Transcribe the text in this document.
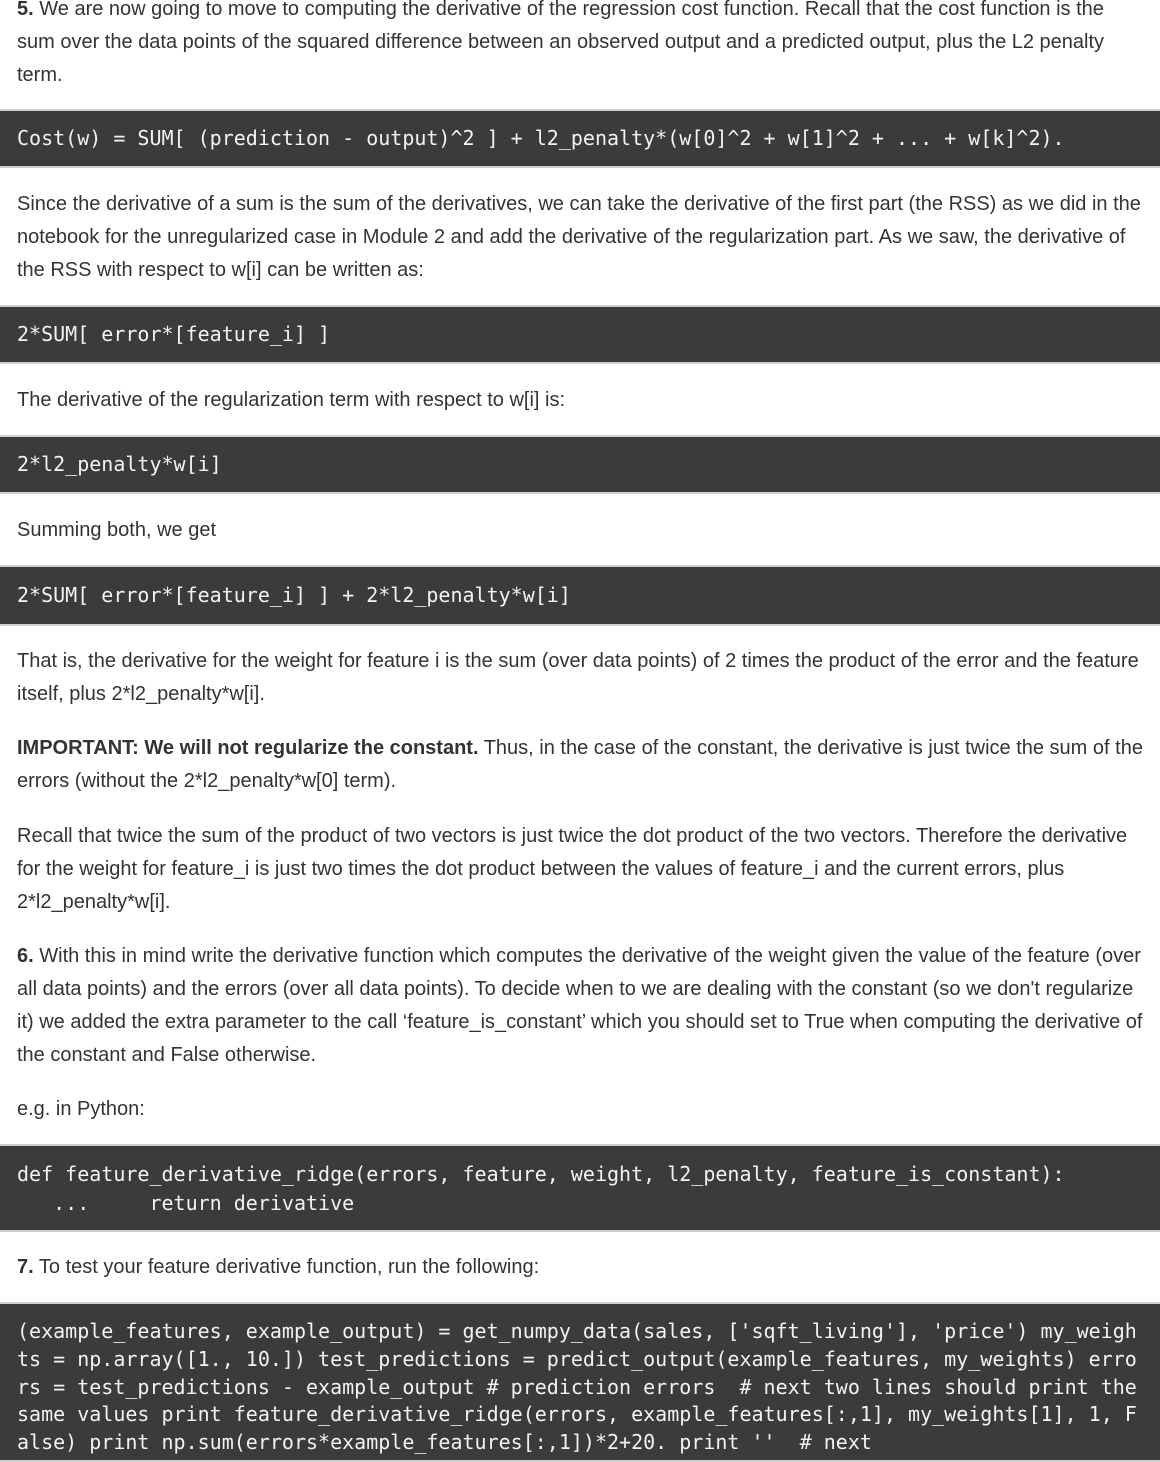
5. We are now going to move to computing the derivative of the regression cost function. Recall that the cost function is the sum over the data points of the squared difference between an observed output and a predicted output, plus the L2 penalty term.

Cost(w) = SUM[ (prediction - output)^2 ] + l2_penalty*(w[0]^2 + w[1]^2 + ... + w[k]^2).

Since the derivative of a sum is the sum of the derivatives, we can take the derivative of the first part (the RSS) as we did in the notebook for the unregularized case in Module 2 and add the derivative of the regularization part. As we saw, the derivative of the RSS with respect to w[i] can be written as:

2*SUM[ error*[feature_i] ]

The derivative of the regularization term with respect to w[i] is:

2*l2_penalty*w[i]

Summing both, we get

2*SUM[ error*[feature_i] ] + 2*l2_penalty*w[i]

That is, the derivative for the weight for feature i is the sum (over data points) of 2 times the product of the error and the feature itself, plus 2*l2_penalty*w[i].

IMPORTANT: We will not regularize the constant. Thus, in the case of the constant, the derivative is just twice the sum of the errors (without the 2*l2_penalty*w[0] term).

Recall that twice the sum of the product of two vectors is just twice the dot product of the two vectors. Therefore the derivative for the weight for feature_i is just two times the dot product between the values of feature_i and the current errors, plus 2*l2_penalty*w[i].

6. With this in mind write the derivative function which computes the derivative of the weight given the value of the feature (over all data points) and the errors (over all data points). To decide when to we are dealing with the constant (so we don't regularize it) we added the extra parameter to the call ‘feature_is_constant’ which you should set to True when computing the derivative of the constant and False otherwise.

e.g. in Python:

def feature_derivative_ridge(errors, feature, weight, l2_penalty, feature_is_constant):
...     return derivative

7. To test your feature derivative function, run the following:

(example_features, example_output) = get_numpy_data(sales, ['sqft_living'], 'price') my_weights = np.array([1., 10.]) test_predictions = predict_output(example_features, my_weights) errors = test_predictions - example_output # prediction errors  # next two lines should print the same values print feature_derivative_ridge(errors, example_features[:,1], my_weights[1], 1, False) print np.sum(errors*example_features[:,1])*2+20. print ''  # next
